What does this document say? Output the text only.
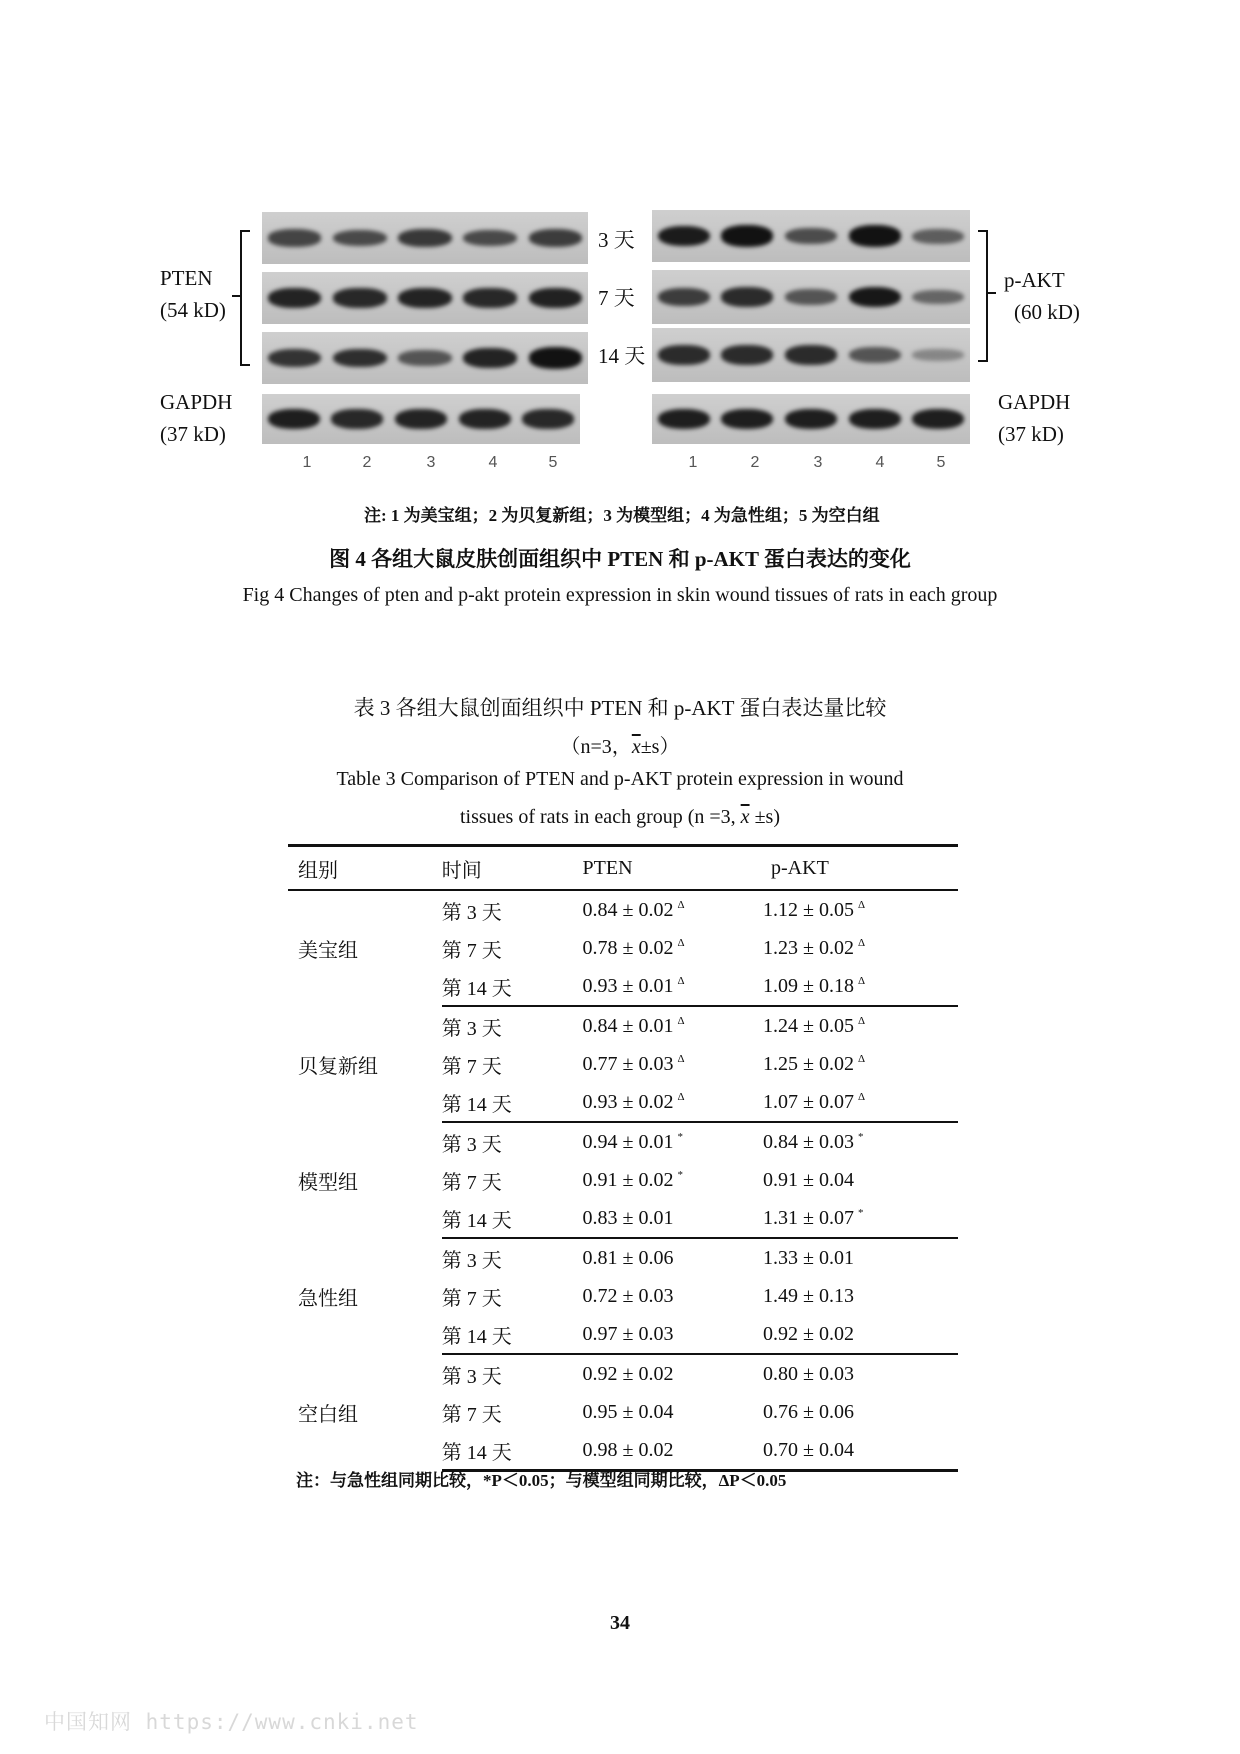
PTEN
(54 kD)
GAPDH
(37 kD)
3 天
7 天
14 天
p-AKT
(60 kD)
GAPDH
(37 kD)
1	2	3	4	5	1	2	3	4	5
注: 1 为美宝组；2 为贝复新组；3 为模型组；4 为急性组；5 为空白组
图 4 各组大鼠皮肤创面组织中 PTEN 和 p-AKT 蛋白表达的变化
Fig 4 Changes of pten and p-akt protein expression in skin wound tissues of rats in each group
表 3 各组大鼠创面组织中 PTEN 和 p-AKT 蛋白表达量比较
（n=3，$\overline{x}\pm s$）
Table 3 Comparison of PTEN and p-AKT protein expression in wound
tissues of rats in each group (n =3, $\overline{x} \pm s$)
组别	时间	PTEN	p-AKT
美宝组	第 3 天	0.84 ± 0.02 $^\Delta$	1.12 ± 0.05 $^\Delta$
	第 7 天	0.78 ± 0.02 $^\Delta$	1.23 ± 0.02 $^\Delta$
	第 14 天	0.93 ± 0.01 $^\Delta$	1.09 ± 0.18 $^\Delta$
贝复新组	第 3 天	0.84 ± 0.01 $^\Delta$	1.24 ± 0.05 $^\Delta$
	第 7 天	0.77 ± 0.03 $^\Delta$	1.25 ± 0.02 $^\Delta$
	第 14 天	0.93 ± 0.02 $^\Delta$	1.07 ± 0.07 $^\Delta$
模型组	第 3 天	0.94 ± 0.01 *	0.84 ± 0.03 *
	第 7 天	0.91 ± 0.02 *	0.91 ± 0.04
	第 14 天	0.83 ± 0.01	1.31 ± 0.07 *
急性组	第 3 天	0.81 ± 0.06	1.33 ± 0.01
	第 7 天	0.72 ± 0.03	1.49 ± 0.13
	第 14 天	0.97 ± 0.03	0.92 ± 0.02
空白组	第 3 天	0.92 ± 0.02	0.80 ± 0.03
	第 7 天	0.95 ± 0.04	0.76 ± 0.06
	第 14 天	0.98 ± 0.02	0.70 ± 0.04
注：与急性组同期比较，*P＜0.05；与模型组同期比较，ΔP＜0.05
34
中国知网 https://www.cnki.net
